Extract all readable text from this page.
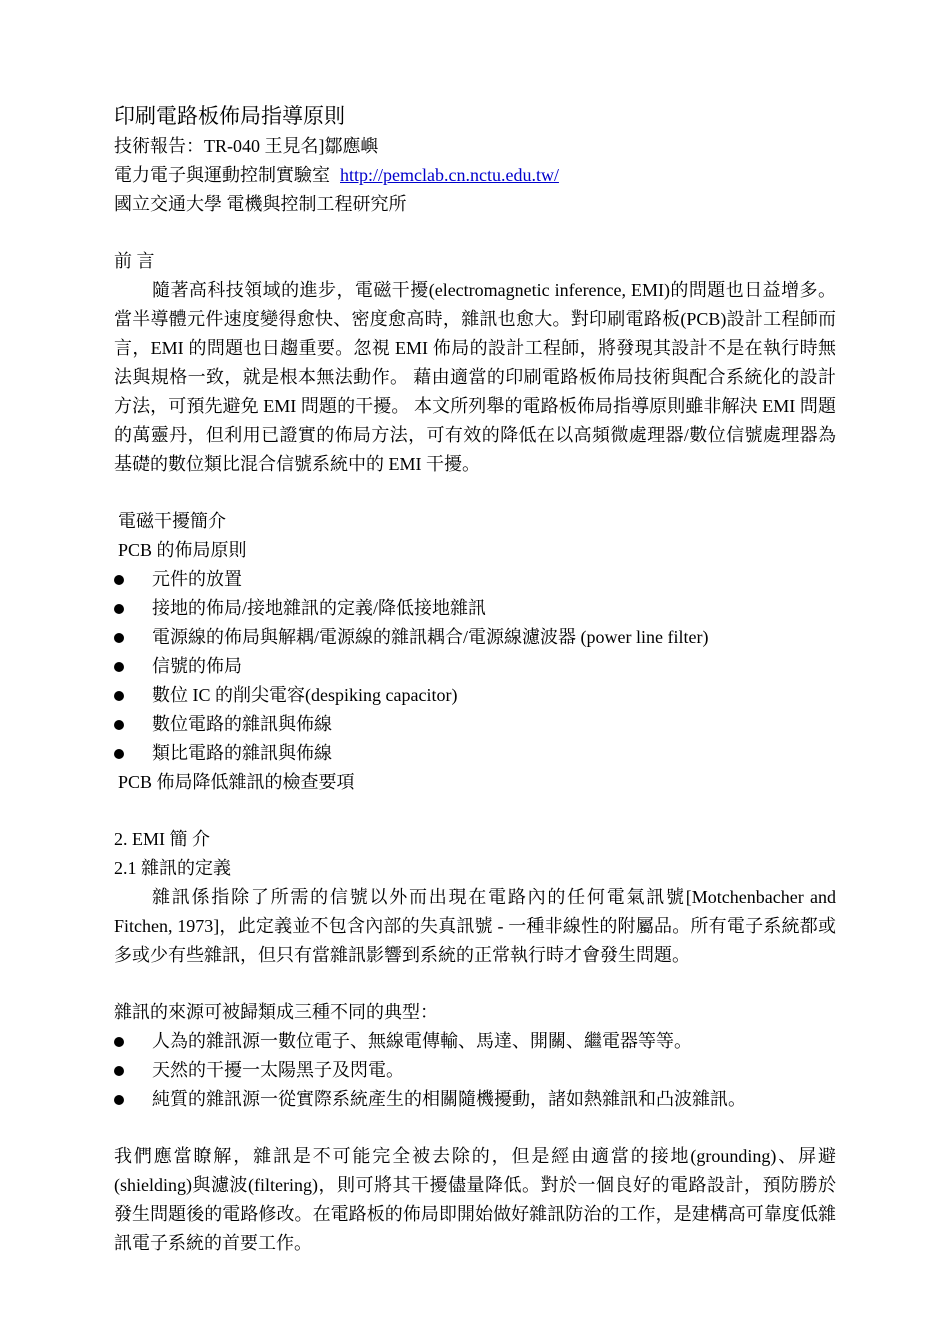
印刷電路板佈局指導原則
技術報告：TR-040 王見名]鄒應嶼
電力電子與運動控制實驗室 http://pemclab.cn.nctu.edu.tw/
國立交通大學 電機與控制工程研究所
前 言
隨著高科技領域的進步，電磁干擾(electromagnetic inference, EMI)的問題也日益增多。當半導體元件速度變得愈快、密度愈高時，雜訊也愈大。對印刷電路板(PCB)設計工程師而言，EMI 的問題也日趨重要。忽視 EMI 佈局的設計工程師，將發現其設計不是在執行時無法與規格一致，就是根本無法動作。 藉由適當的印刷電路板佈局技術與配合系統化的設計方法，可預先避免 EMI 問題的干擾。 本文所列舉的電路板佈局指導原則雖非解決 EMI 問題的萬靈丹，但利用已證實的佈局方法，可有效的降低在以高頻微處理器/數位信號處理器為基礎的數位類比混合信號系統中的 EMI 干擾。
電磁干擾簡介
PCB 的佈局原則
元件的放置
接地的佈局/接地雜訊的定義/降低接地雜訊
電源線的佈局與解耦/電源線的雜訊耦合/電源線濾波器 (power line filter)
信號的佈局
數位 IC 的削尖電容(despiking capacitor)
數位電路的雜訊與佈線
類比電路的雜訊與佈線
PCB 佈局降低雜訊的檢查要項
2. EMI 簡 介
2.1 雜訊的定義
雜訊係指除了所需的信號以外而出現在電路內的任何電氣訊號[Motchenbacher and Fitchen, 1973]，此定義並不包含內部的失真訊號 - 一種非線性的附屬品。所有電子系統都或多或少有些雜訊，但只有當雜訊影響到系統的正常執行時才會發生問題。
雜訊的來源可被歸類成三種不同的典型：
人為的雜訊源一數位電子、無線電傳輸、馬達、開關、繼電器等等。
天然的干擾一太陽黑子及閃電。
純質的雜訊源一從實際系統產生的相關隨機擾動，諸如熱雜訊和凸波雜訊。
我們應當瞭解，雜訊是不可能完全被去除的，但是經由適當的接地(grounding)、屏避(shielding)與濾波(filtering)，則可將其干擾儘量降低。對於一個良好的電路設計，預防勝於發生問題後的電路修改。在電路板的佈局即開始做好雜訊防治的工作，是建構高可靠度低雜訊電子系統的首要工作。
